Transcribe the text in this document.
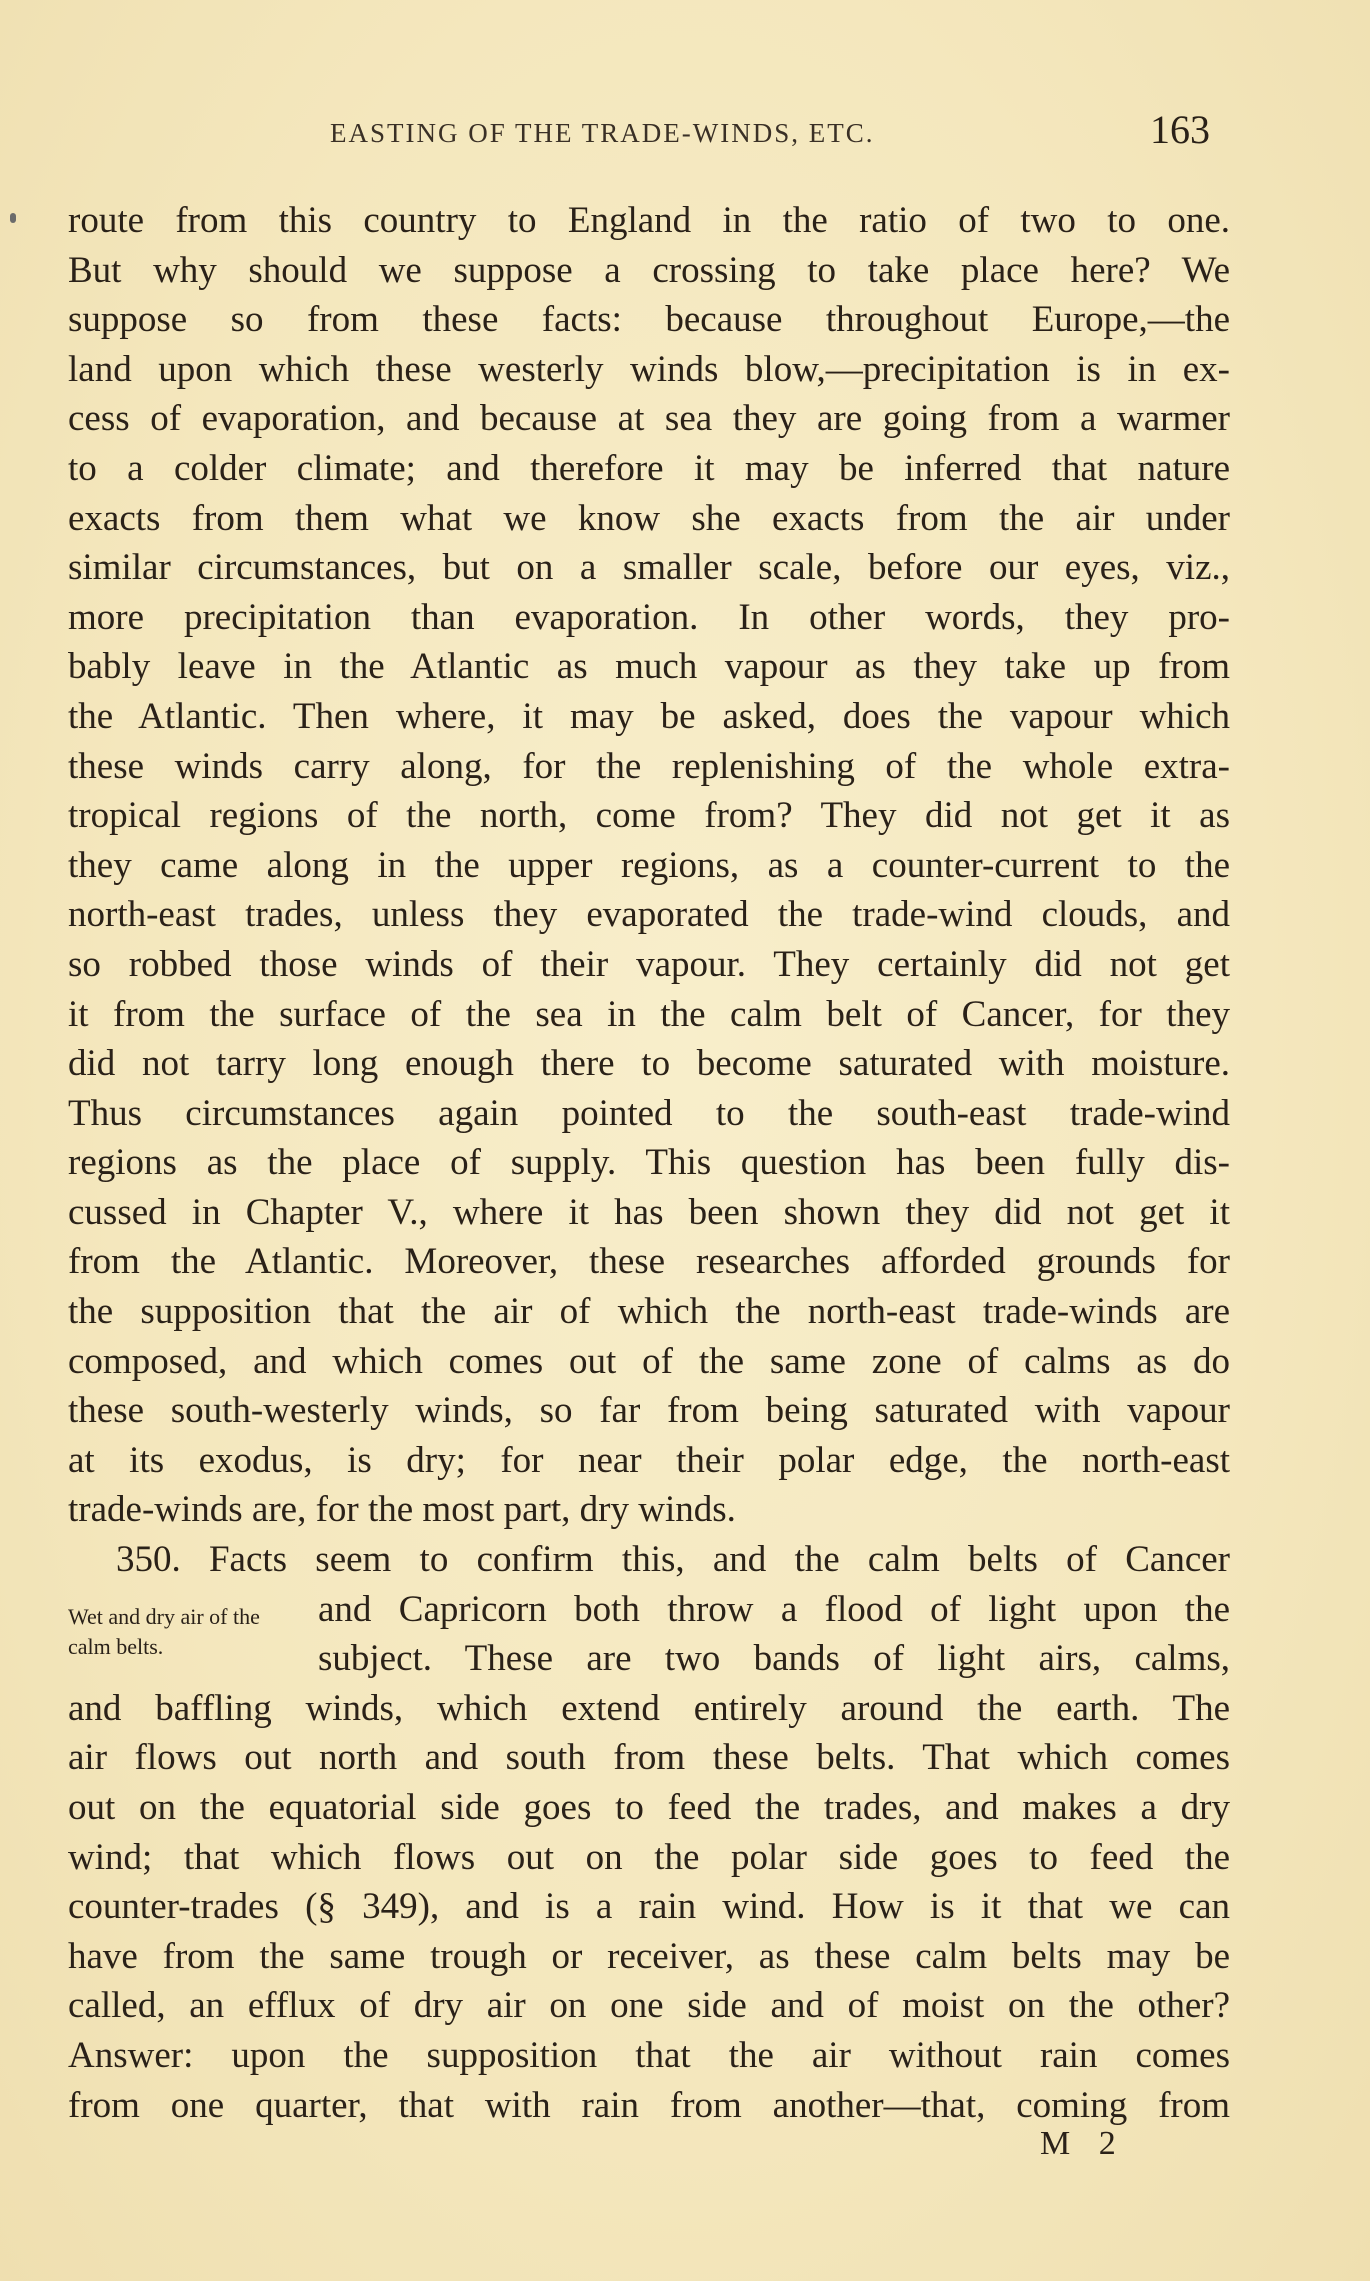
EASTING OF THE TRADE-WINDS, ETC.	163
route from this country to England in the ratio of two to one.
But why should we suppose a crossing to take place here? We
suppose so from these facts: because throughout Europe,—the
land upon which these westerly winds blow,—precipitation is in ex-
cess of evaporation, and because at sea they are going from a warmer
to a colder climate; and therefore it may be inferred that nature
exacts from them what we know she exacts from the air under
similar circumstances, but on a smaller scale, before our eyes, viz.,
more precipitation than evaporation. In other words, they pro-
bably leave in the Atlantic as much vapour as they take up from
the Atlantic. Then where, it may be asked, does the vapour which
these winds carry along, for the replenishing of the whole extra-
tropical regions of the north, come from? They did not get it as
they came along in the upper regions, as a counter-current to the
north-east trades, unless they evaporated the trade-wind clouds, and
so robbed those winds of their vapour. They certainly did not get
it from the surface of the sea in the calm belt of Cancer, for they
did not tarry long enough there to become saturated with moisture.
Thus circumstances again pointed to the south-east trade-wind
regions as the place of supply. This question has been fully dis-
cussed in Chapter V., where it has been shown they did not get it
from the Atlantic. Moreover, these researches afforded grounds for
the supposition that the air of which the north-east trade-winds are
composed, and which comes out of the same zone of calms as do
these south-westerly winds, so far from being saturated with vapour
at its exodus, is dry; for near their polar edge, the north-east
trade-winds are, for the most part, dry winds.
350. Facts seem to confirm this, and the calm belts of Cancer
and Capricorn both throw a flood of light upon the
subject. These are two bands of light airs, calms,
and baffling winds, which extend entirely around the earth. The
air flows out north and south from these belts. That which comes
out on the equatorial side goes to feed the trades, and makes a dry
wind; that which flows out on the polar side goes to feed the
counter-trades (§ 349), and is a rain wind. How is it that we can
have from the same trough or receiver, as these calm belts may be
called, an efflux of dry air on one side and of moist on the other?
Answer: upon the supposition that the air without rain comes
from one quarter, that with rain from another—that, coming from
Wet and dry air of the calm belts.
M 2
